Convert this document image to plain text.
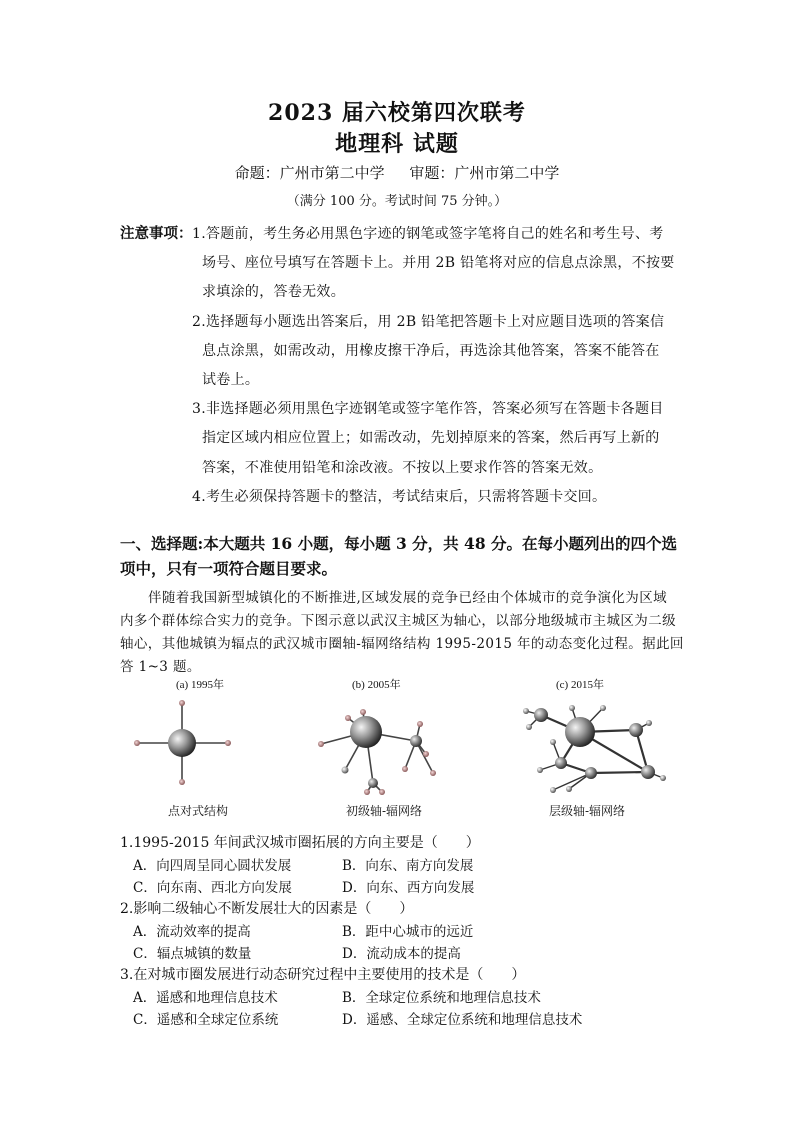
2023 届六校第四次联考
地理科 试题
命题：广州市第二中学 审题：广州市第二中学
（满分 100 分。考试时间 75 分钟。）
注意事项： 1.答题前，考生务必用黑色字迹的钢笔或签字笔将自己的姓名和考生号、考
场号、座位号填写在答题卡上。并用 2B 铅笔将对应的信息点涂黑，不按要
求填涂的，答卷无效。
2.选择题每小题选出答案后，用 2B 铅笔把答题卡上对应题目选项的答案信
息点涂黑，如需改动，用橡皮擦干净后，再选涂其他答案，答案不能答在
试卷上。
3.非选择题必须用黑色字迹钢笔或签字笔作答，答案必须写在答题卡各题目
指定区域内相应位置上；如需改动，先划掉原来的答案，然后再写上新的
答案，不准使用铅笔和涂改液。不按以上要求作答的答案无效。
4.考生必须保持答题卡的整洁，考试结束后，只需将答题卡交回。
一、选择题:本大题共 16 小题，每小题 3 分，共 48 分。在每小题列出的四个选
项中，只有一项符合题目要求。
伴随着我国新型城镇化的不断推进,区域发展的竞争已经由个体城市的竞争演化为区域
内多个群体综合实力的竞争。下图示意以武汉主城区为轴心，以部分地级城市主城区为二级
轴心，其他城镇为辐点的武汉城市圈轴-辐网络结构 1995-2015 年的动态变化过程。据此回
答 1~3 题。
(a) 1995年	(b) 2005年	(c) 2015年
点对式结构	初级轴-辐网络	层级轴-辐网络
1.1995-2015 年间武汉城市圈拓展的方向主要是（　　）
A．向四周呈同心圆状发展	B．向东、南方向发展
C．向东南、西北方向发展	D．向东、西方向发展
2.影响二级轴心不断发展壮大的因素是（　　）
A．流动效率的提高	B．距中心城市的远近
C．辐点城镇的数量	D．流动成本的提高
3.在对城市圈发展进行动态研究过程中主要使用的技术是（　　）
A．遥感和地理信息技术	B．全球定位系统和地理信息技术
C．遥感和全球定位系统	D．遥感、全球定位系统和地理信息技术
